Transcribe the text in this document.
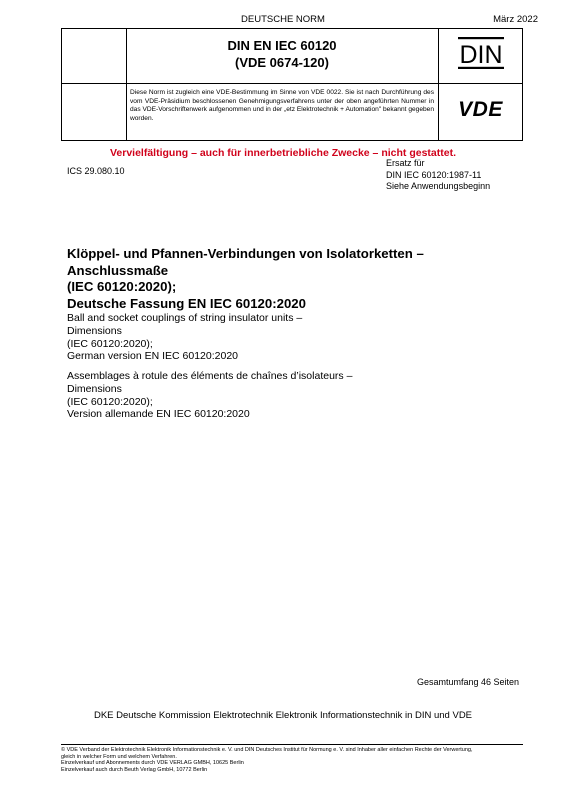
DEUTSCHE NORM	März 2022
DIN EN IEC 60120
(VDE 0674-120)	DIN
Diese Norm ist zugleich eine VDE-Bestimmung im Sinne von VDE 0022. Sie ist nach Durchführung des vom VDE-Präsidium beschlossenen Genehmigungsverfahrens unter der oben angeführten Nummer in das VDE-Vorschriftenwerk aufgenommen und in der „etz Elektrotechnik + Automation" bekannt gegeben worden.	VDE
Vervielfältigung – auch für innerbetriebliche Zwecke – nicht gestattet.
ICS 29.080.10
Ersatz für
DIN IEC 60120:1987-11
Siehe Anwendungsbeginn
Klöppel- und Pfannen-Verbindungen von Isolatorketten –
Anschlussmaße
(IEC 60120:2020);
Deutsche Fassung EN IEC 60120:2020
Ball and socket couplings of string insulator units –
Dimensions
(IEC 60120:2020);
German version EN IEC 60120:2020
Assemblages à rotule des éléments de chaînes d’isolateurs –
Dimensions
(IEC 60120:2020);
Version allemande EN IEC 60120:2020
Gesamtumfang 46 Seiten
DKE Deutsche Kommission Elektrotechnik Elektronik Informationstechnik in DIN und VDE
© VDE Verband der Elektrotechnik Elektronik Informationstechnik e. V. und DIN Deutsches Institut für Normung e. V. sind Inhaber aller einfachen Rechte der Verwertung,
gleich in welcher Form und welchem Verfahren.
Einzelverkauf und Abonnements durch VDE VERLAG GMBH, 10625 Berlin
Einzelverkauf auch durch Beuth Verlag GmbH, 10772 Berlin
